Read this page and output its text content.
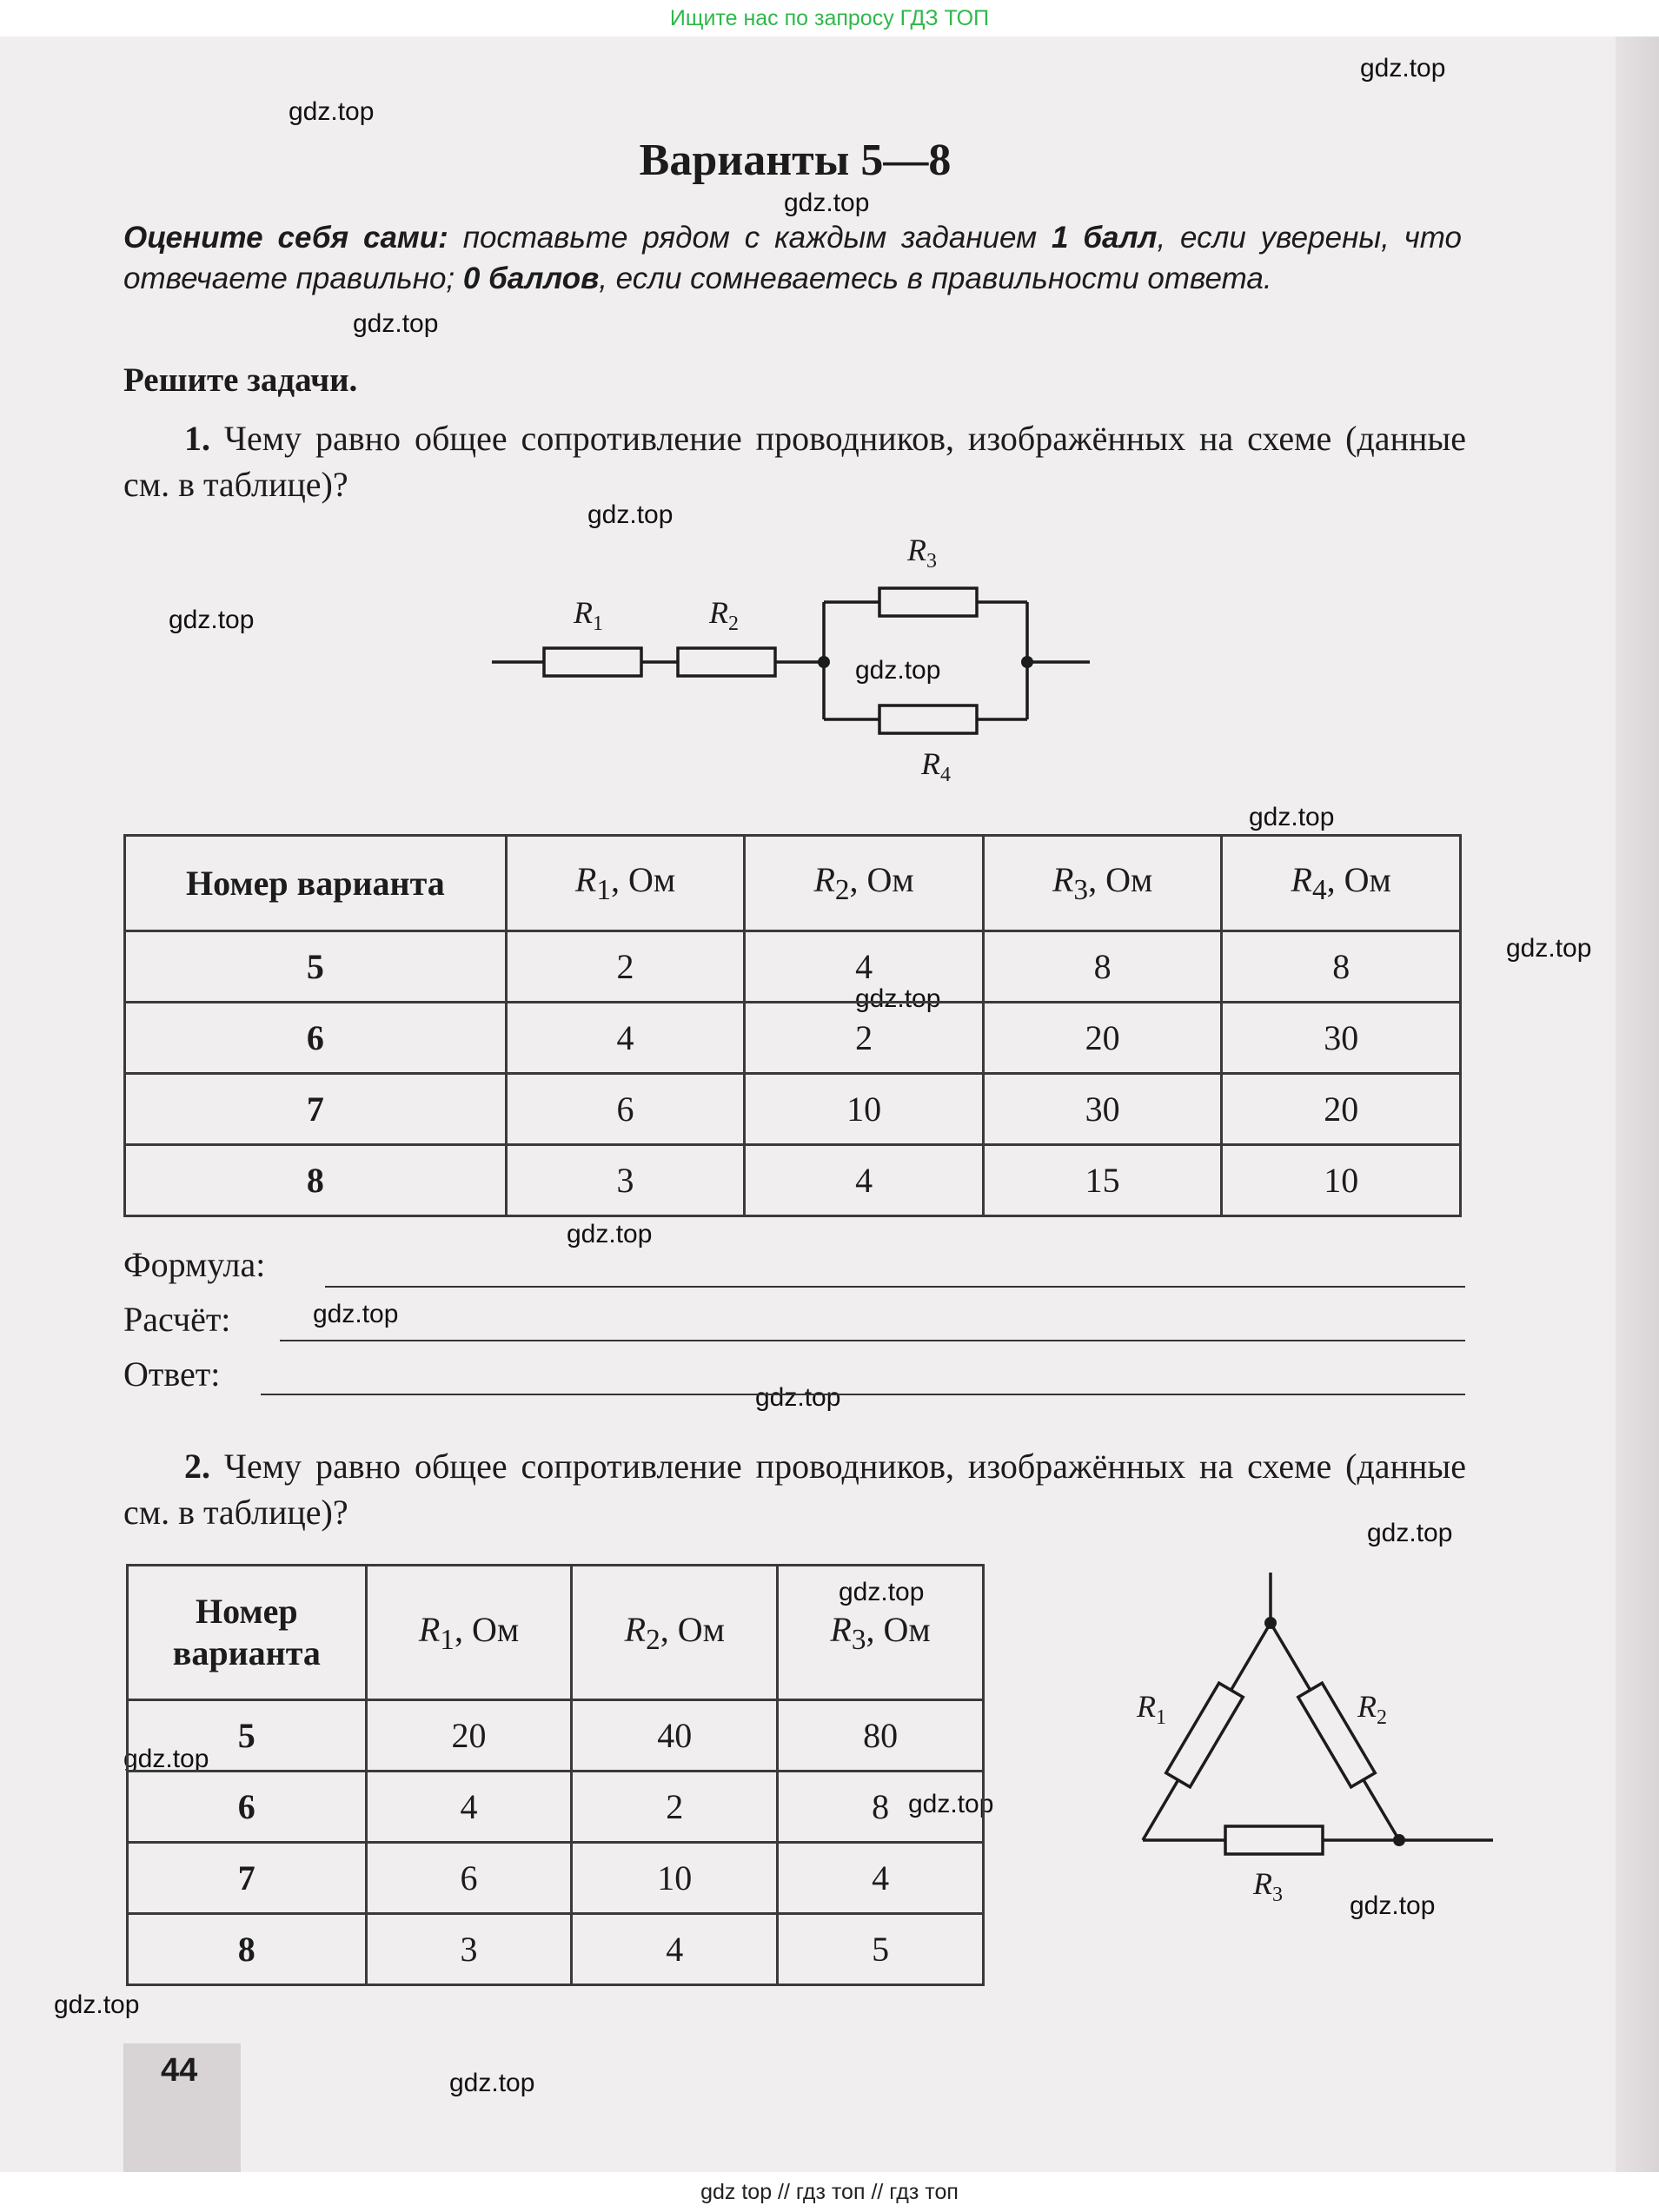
Ищите нас по запросу ГДЗ ТОП
gdz.top
gdz.top
gdz.top
gdz.top
gdz.top
gdz.top
gdz.top
gdz.top
gdz.top
gdz.top
gdz.top
gdz.top
gdz.top
gdz.top
gdz.top
gdz.top
gdz.top
gdz.top
gdz.top
gdz.top
Варианты 5—8
Оцените себя сами: поставьте рядом с каждым заданием 1 балл, если уверены, что отвечаете правильно; 0 баллов, если сомневаетесь в правильности ответа.
Решите задачи.
1. Чему равно общее сопротивление проводников, изображённых на схеме (данные см. в таблице)?
$R_1$	$R_2$
$R_3$
$R_4$
Номер варианта	$R_1$, Ом	$R_2$, Ом	$R_3$, Ом	$R_4$, Ом
5	2	4	8	8
6	4	2	20	30
7	6	10	30	20
8	3	4	15	10
Формула:
Расчёт:
Ответ:
2. Чему равно общее сопротивление проводников, изображённых на схеме (данные см. в таблице)?
Номер варианта	$R_1$, Ом	$R_2$, Ом	$R_3$, Ом
5	20	40	80
6	4	2	8
7	6	10	4
8	3	4	5
$R_1$	$R_2$
$R_3$
44
gdz top // гдз топ // гдз топ
